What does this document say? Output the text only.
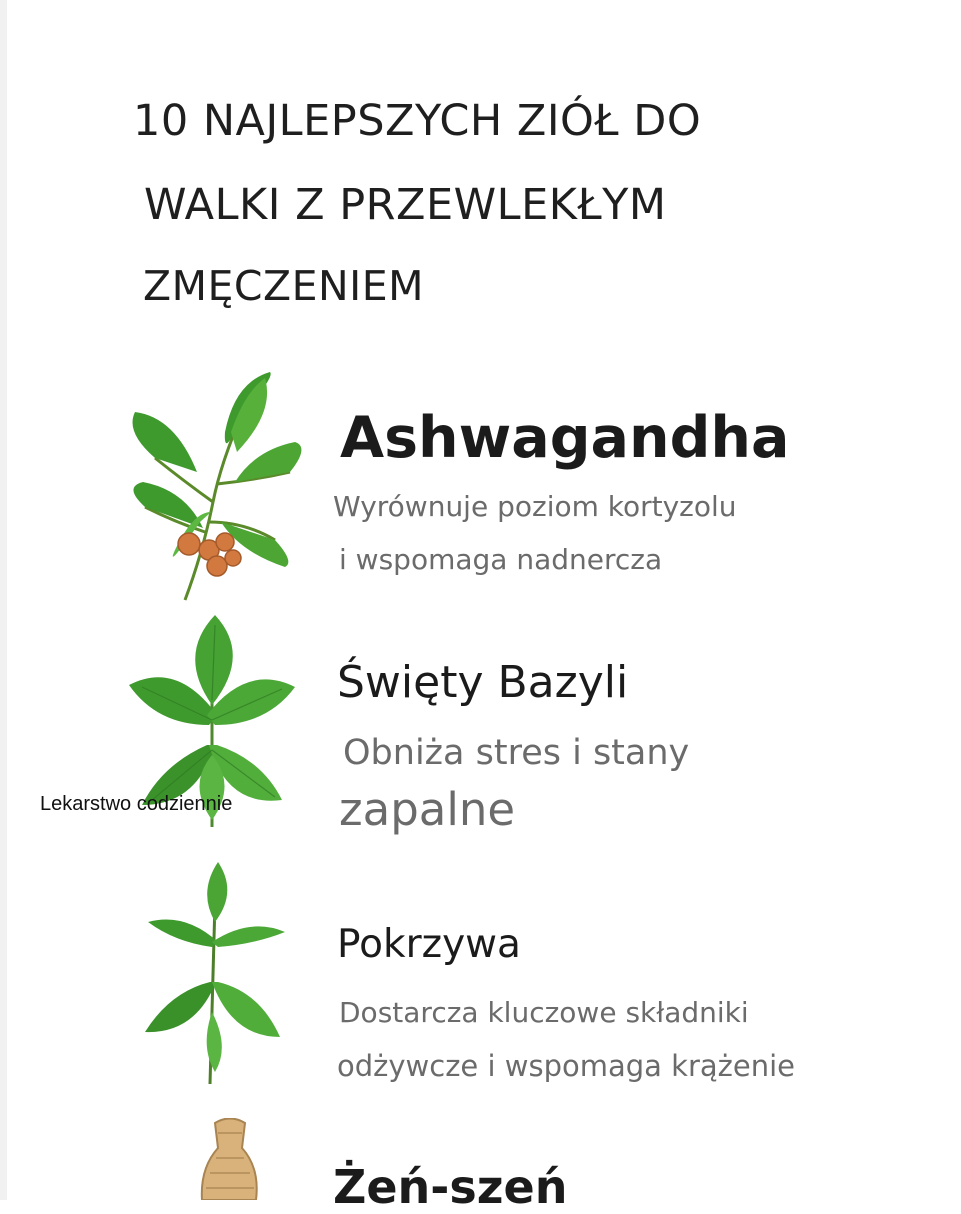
10 NAJLEPSZYCH ZIÓŁ DO
WALKI Z PRZEWLEKŁYM
ZMĘCZENIEM
Ashwagandha
Wyrównuje poziom kortyzolu
i wspomaga nadnercza
Lekarstwo codziennie
Święty Bazyli
Obniża stres i stany
zapalne
Pokrzywa
Dostarcza kluczowe składniki
odżywcze i wspomaga krążenie
Żeń-szeń
